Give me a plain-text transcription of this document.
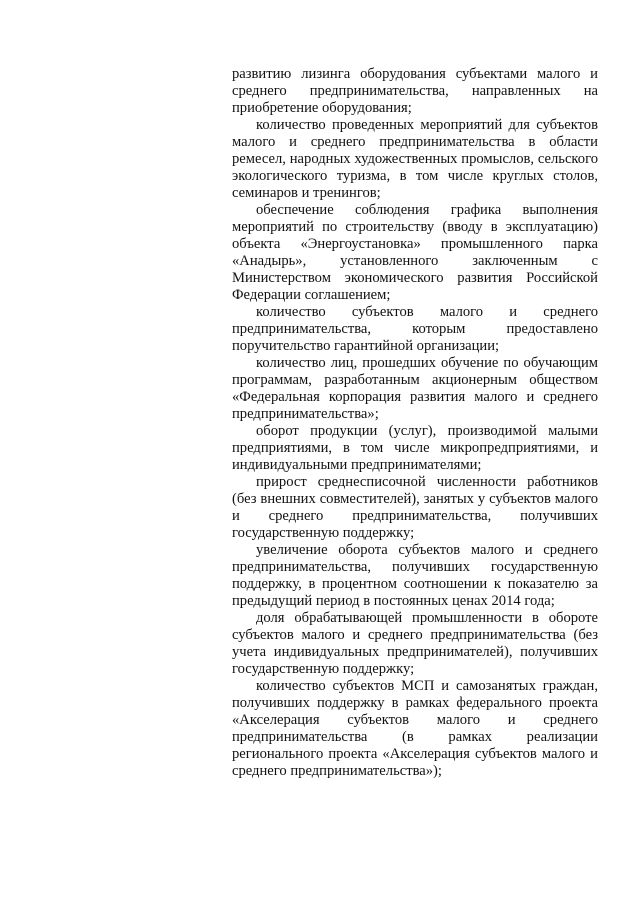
развитию лизинга оборудования субъектами малого и среднего предпринимательства, направленных на приобретение оборудования;

количество проведенных мероприятий для субъектов малого и среднего предпринимательства в области ремесел, народных художественных промыслов, сельского экологического туризма, в том числе круглых столов, семинаров и тренингов;

обеспечение соблюдения графика выполнения мероприятий по строительству (вводу в эксплуатацию) объекта «Энергоустановка» промышленного парка «Анадырь», установленного заключенным с Министерством экономического развития Российской Федерации соглашением;

количество субъектов малого и среднего предпринимательства, которым предоставлено поручительство гарантийной организации;

количество лиц, прошедших обучение по обучающим программам, разработанным акционерным обществом «Федеральная корпорация развития малого и среднего предпринимательства»;

оборот продукции (услуг), производимой малыми предприятиями, в том числе микропредприятиями, и индивидуальными предпринимателями;

прирост среднесписочной численности работников (без внешних совместителей), занятых у субъектов малого и среднего предпринимательства, получивших государственную поддержку;

увеличение оборота субъектов малого и среднего предпринимательства, получивших государственную поддержку, в процентном соотношении к показателю за предыдущий период в постоянных ценах 2014 года;

доля обрабатывающей промышленности в обороте субъектов малого и среднего предпринимательства (без учета индивидуальных предпринимателей), получивших государственную поддержку;

количество субъектов МСП и самозанятых граждан, получивших поддержку в рамках федерального проекта «Акселерация субъектов малого и среднего предпринимательства (в рамках реализации регионального проекта «Акселерация субъектов малого и среднего предпринимательства»);
